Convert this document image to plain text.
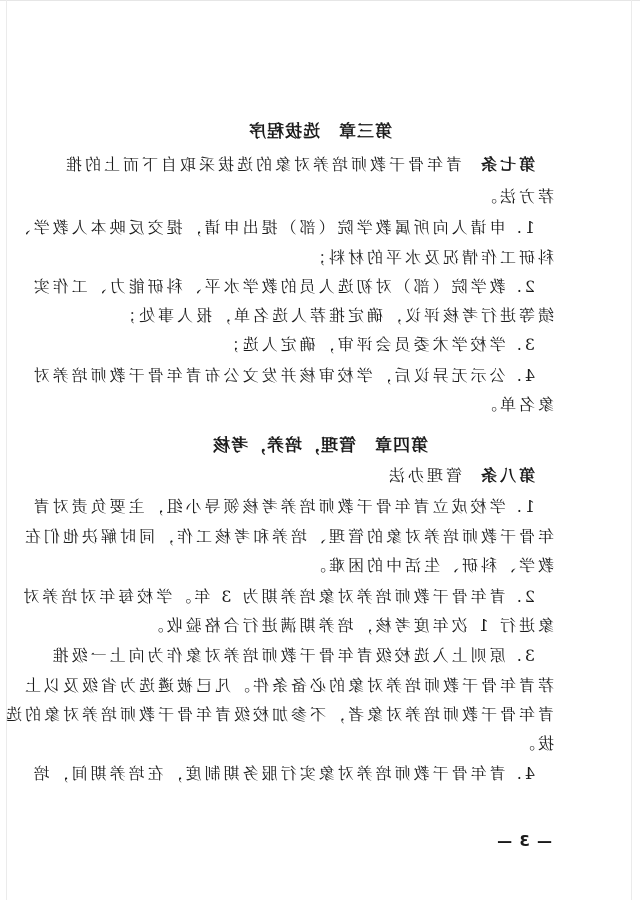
第三章　选拔程序
第七条青年骨干教师培养对象的选拔采取自下而上的推
荐方法。
1. 申请人向所属教学院（部）提出申请，提交反映本人教学、
科研工作情况及水平的材料；
2. 教学院（部）对初选人员的教学水平、科研能力、工作实
绩等进行考核评议，确定推荐人选名单，报人事处；
3. 学校学术委员会评审，确定人选；
4. 公示无异议后，学校审核并发文公布青年骨干教师培养对
象名单。
第四章　管理，培养，考核
第八条管理办法
1. 学校成立青年骨干教师培养考核领导小组，主要负责对青
年骨干教师培养对象的管理、培养和考核工作，同时解决他们在
教学、科研、生活中的困难。
2. 青年骨干教师培养对象培养期为 3 年。学校每年对培养对
象进行 1 次年度考核，培养期满进行合格验收。
3. 原则上入选校级青年骨干教师培养对象作为向上一级推
荐青年骨干教师培养对象的必备条件。凡已被遴选为省级及以上
青年骨干教师培养对象者，不参加校级青年骨干教师培养对象的选
拔。
4. 青年骨干教师培养对象实行服务期制度，在培养期间，培
— 3 —
